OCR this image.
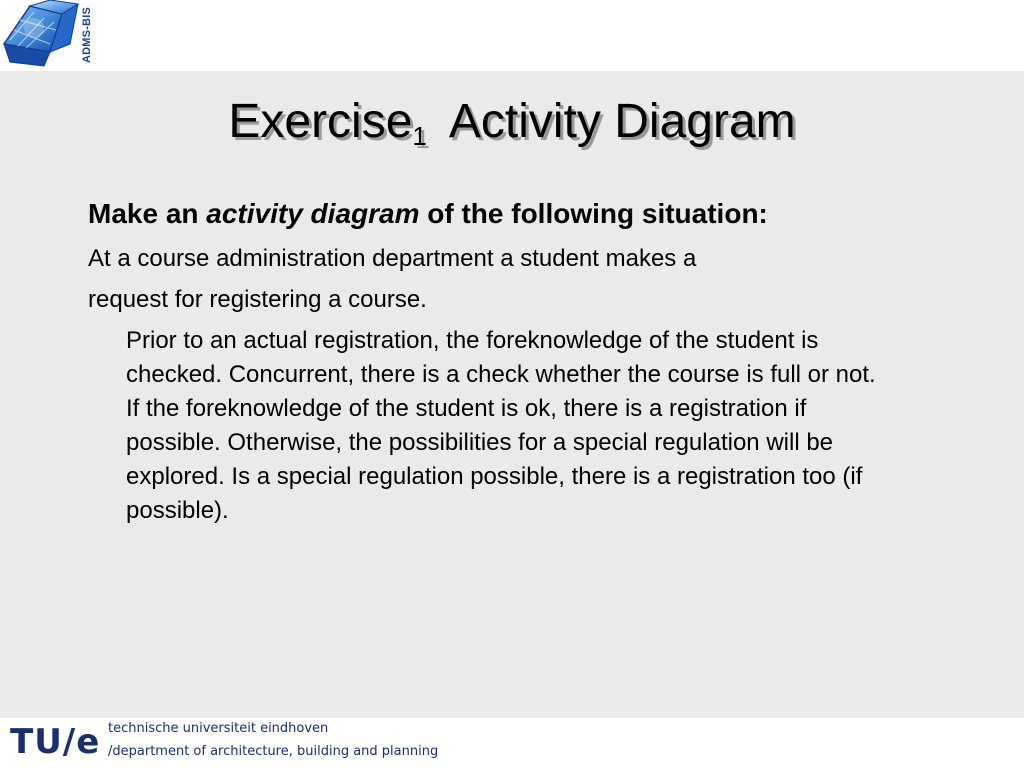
ADMS-BIS
Exercise$_1$ Activity Diagram
Make an activity diagram of the following situation:
At a course administration department a student makes a
request for registering a course.
Prior to an actual registration, the foreknowledge of the student is
checked. Concurrent, there is a check whether the course is full or not.
If the foreknowledge of the student is ok, there is a registration if
possible. Otherwise, the possibilities for a special regulation will be
explored. Is a special regulation possible, there is a registration too (if
possible).
TU/e technische universiteit eindhoven
/department of architecture, building and planning
